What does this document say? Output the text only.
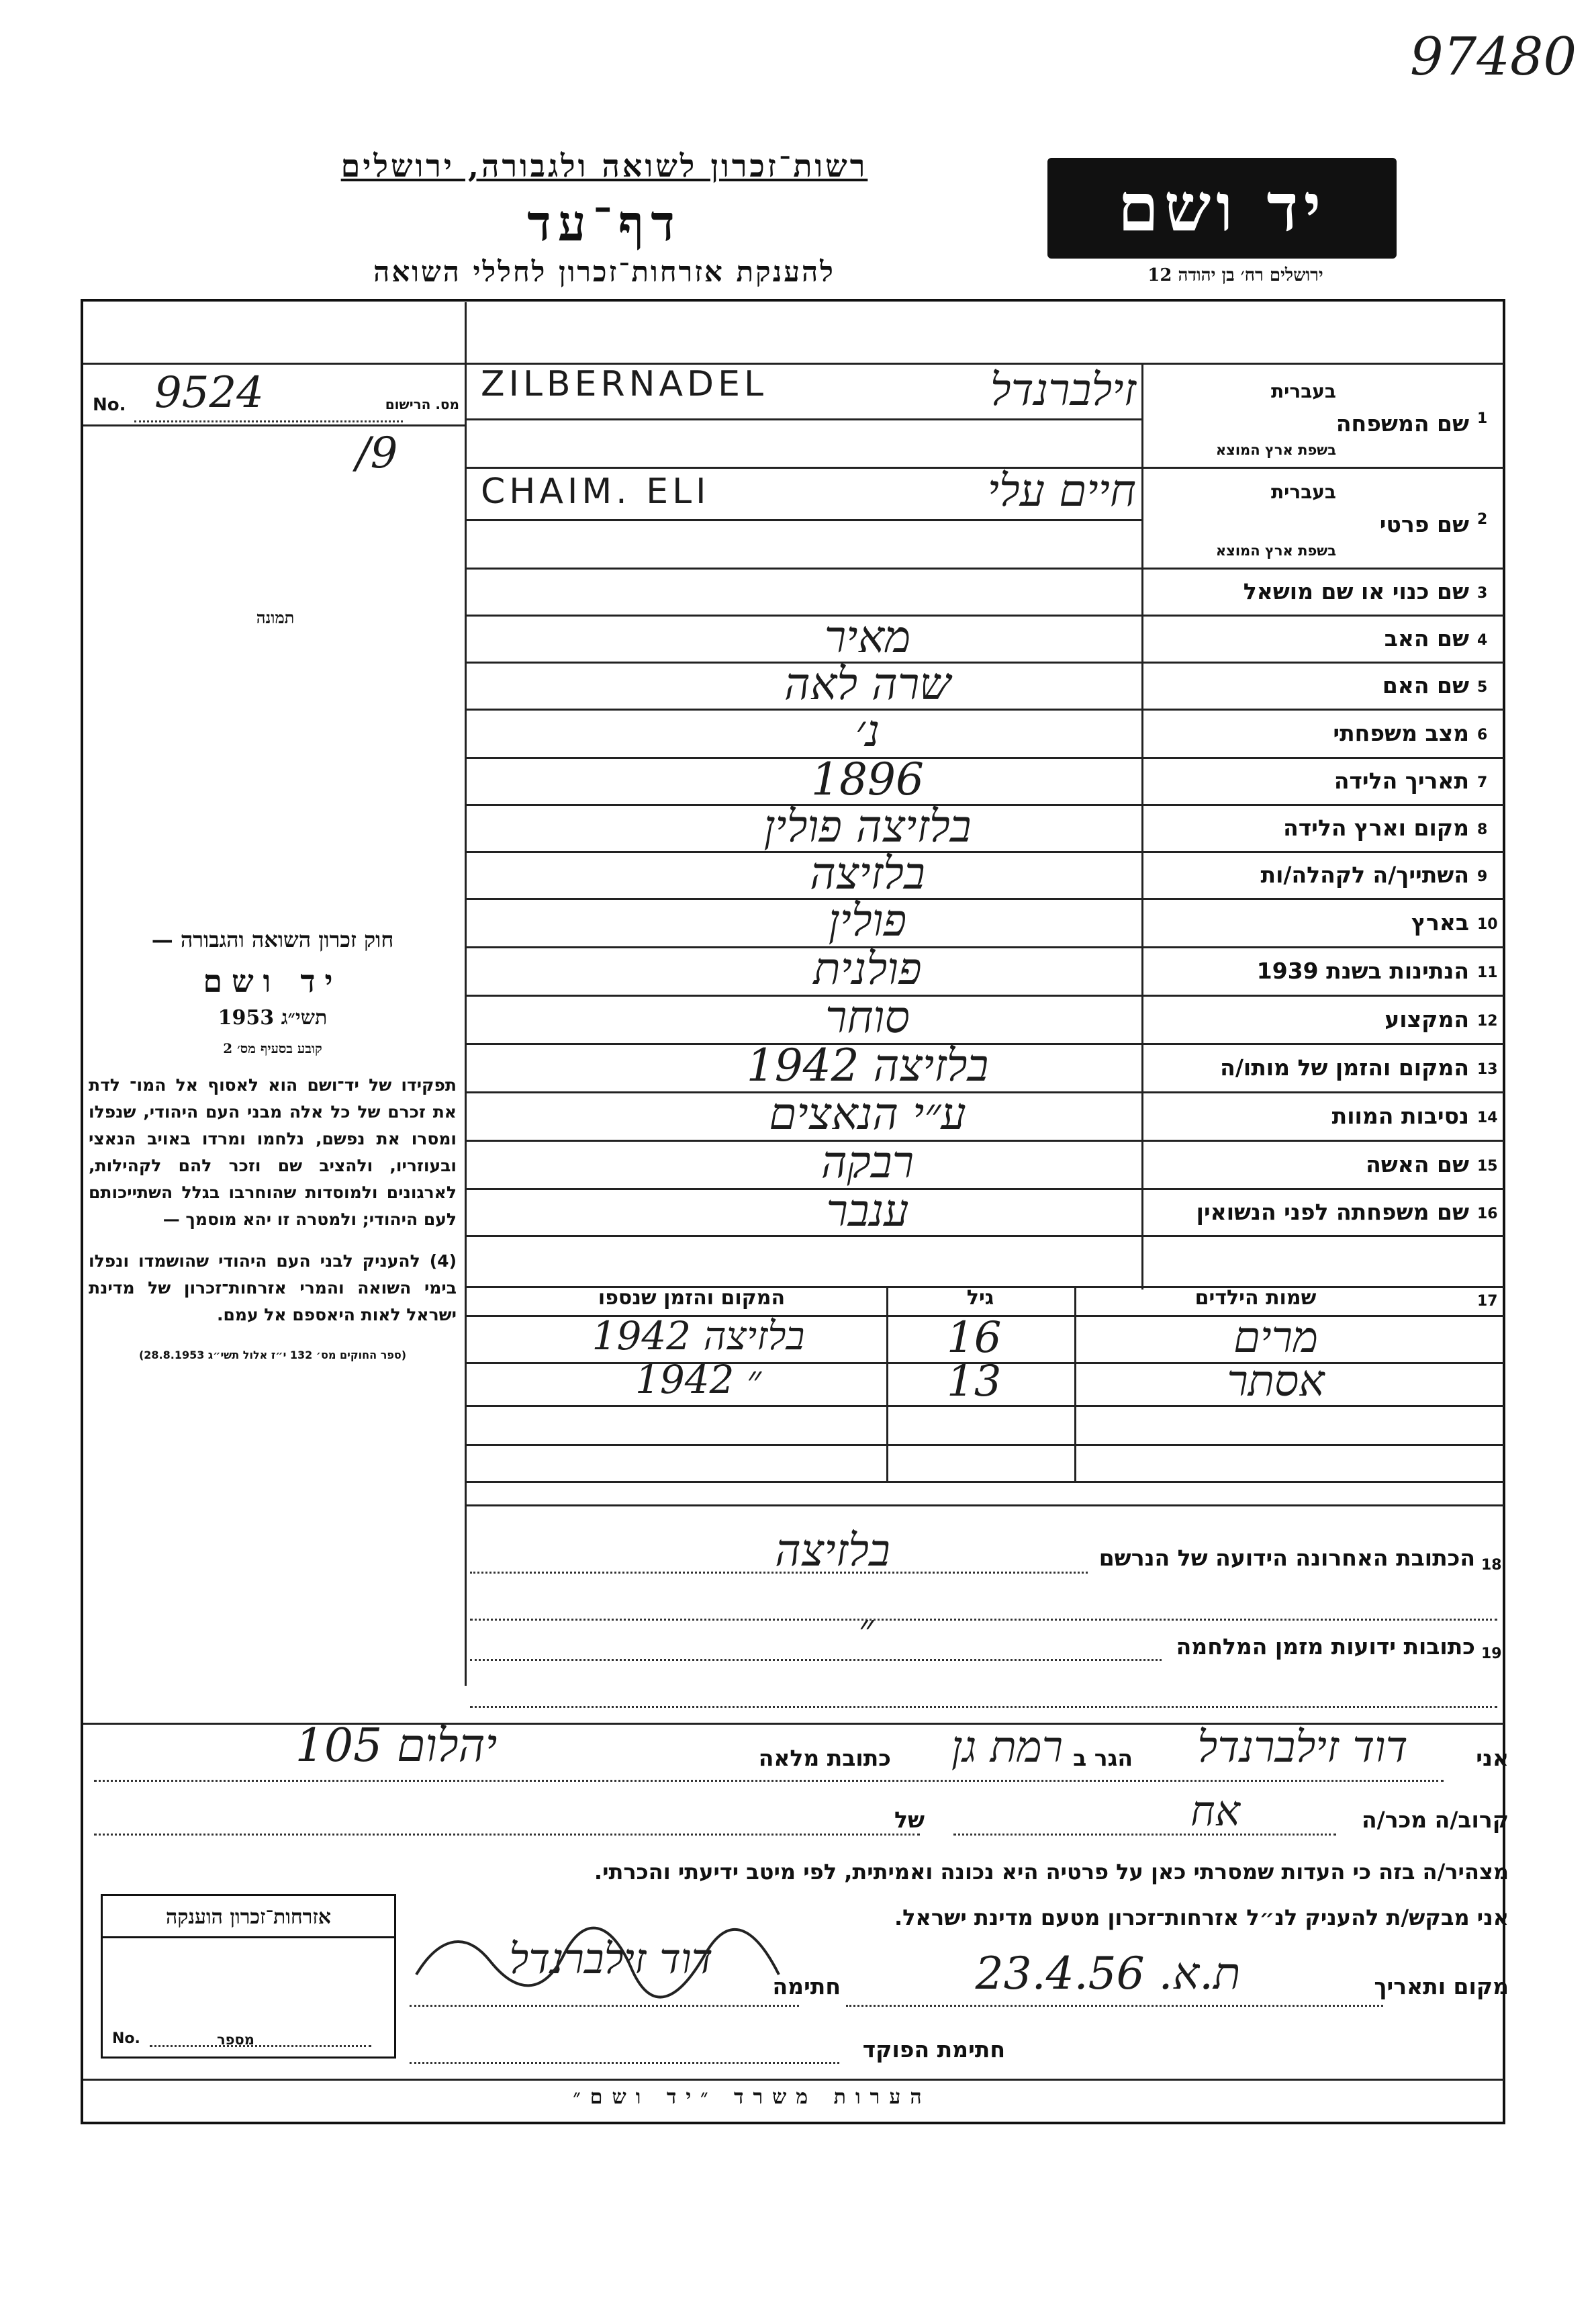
97480
רשות־זכרון לשואה ולגבורה, ירושלים
דף־עד
להענקת אזרחות־זכרון לחללי השואה
יד ושם
ירושלים רח׳ בן יהודה 12
No. 9524	מס. הרישום
/9
תמונה
חוק זכרון השואה והגבורה —
יד ושם
תשי״ג 1953
קובע בסעיף מס׳ 2
תפקידו של יד־ושם הוא לאסוף אל המו־ לדת את זכרם של כל אלה מבני העם היהודי, שנפלו ומסרו את נפשם, נלחמו ומרדו באויב הנאצי ובעוזריו, ולהציב שם וזכר להם לקהילות, לארגונים ולמוסדות שהוחרבו בגלל השתייכותם לעם היהודי; ולמטרה זו יהא מוסמך —
(4) להעניק לבני העם היהודי שהושמדו ונפלו בימי השואה והמרי אזרחות־זכרון של מדינת ישראל לאות היאספם אל עמם.
(ספר החוקים מס׳ 132 י״ז אלול תשי״ג 28.8.1953)
1
שם המשפחה
בעברית
בשפת ארץ המוצא
זילברנדל
ZILBERNADEL
2
שם פרטי
בעברית
בשפת ארץ המוצא
חיים עלי
CHAIM. ELI
3
שם כנוי או שם מושאל
4
שם האב
מאיר
5
שם האם
שרה לאה
6
מצב משפחתי
נ׳
7
תאריך הלידה
1896
8
מקום וארץ הלידה
בלזיצה פולין
9
השתייך/ה לקהלה/ות
בלזיצה
10
בארץ
פולין
11
הנתינות בשנת 1939
פולנית
12
המקצוע
סוחר
13
המקום והזמן של מותו/ה
בלזיצה 1942
14
נסיבות המוות
ע״י הנאצים
15
שם האשה
רבקה
16
שם משפחתה לפני הנשואין
ענבר
17
שמות הילדים
גיל
המקום והזמן שנספו
מרים
16
בלזיצה 1942
אסתר
13
״ 1942
18
הכתובת האחרונה הידועה של הנרשם
בלזיצה
19
כתובות ידועות מזמן המלחמה
״
אני
דוד זילברנדל
הגר ב
רמת גן
כתובת מלאה
יהלום 105
קרוב/ה מכר/ה
אח
של
מצהיר/ה בזה כי העדות שמסרתי כאן על פרטיה היא נכונה ואמיתית, לפי מיטב ידיעתי והכרתי.
אני מבקש/ת להעניק לנ״ל אזרחות־זכרון מטעם מדינת ישראל.
מקום ותאריך
ת.א. 23.4.56
חתימה
דוד זילברנדל
חתימת הפוקד
אזרחות־זכרון הוענקה
No.	מספר
הערות משרד ״יד ושם״
